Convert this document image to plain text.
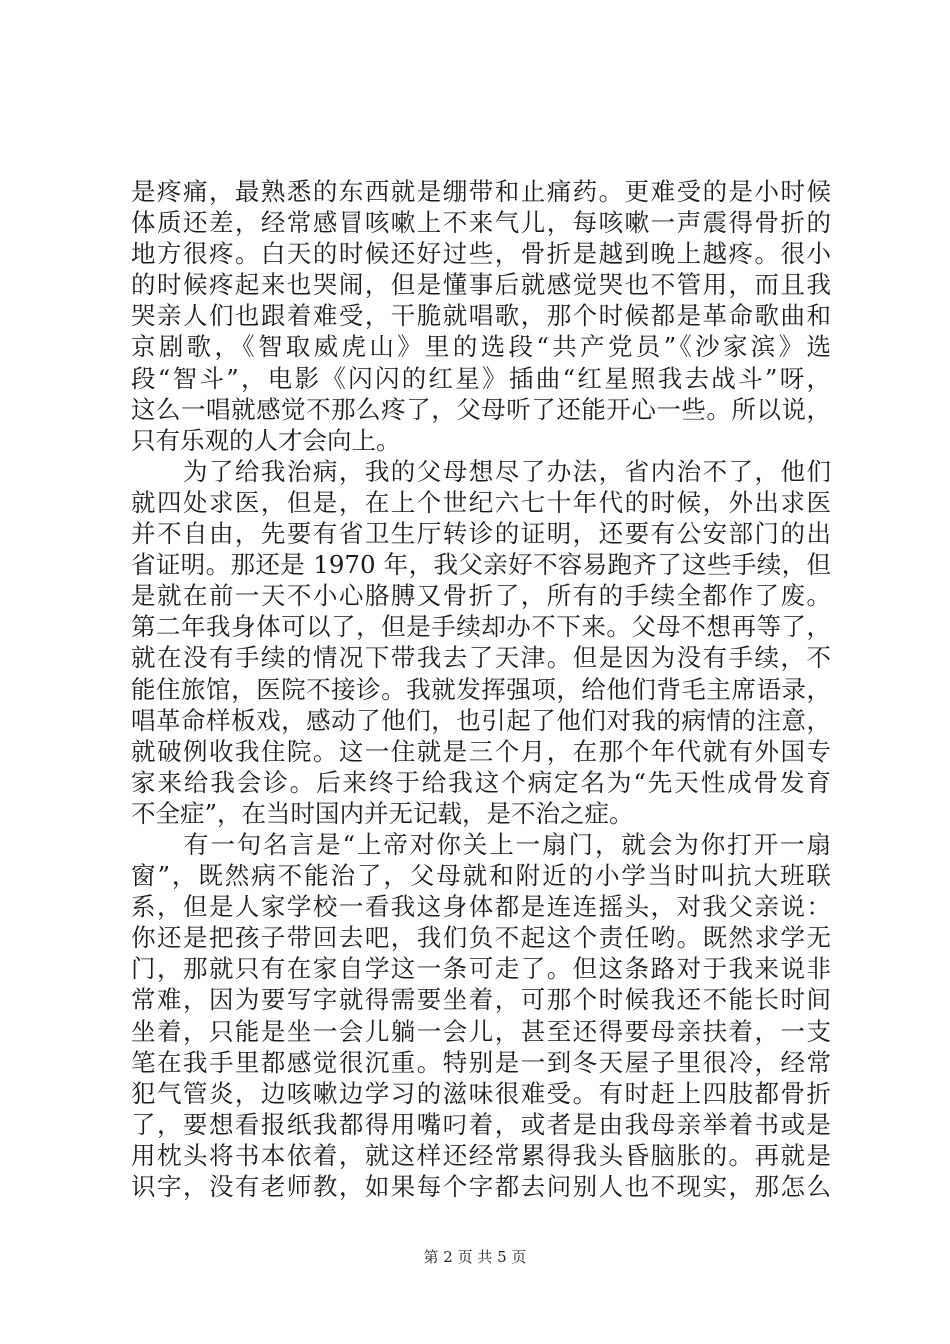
是疼痛，最熟悉的东西就是绷带和止痛药。更难受的是小时候
体质还差，经常感冒咳嗽上不来气儿，每咳嗽一声震得骨折的
地方很疼。白天的时候还好过些，骨折是越到晚上越疼。很小
的时候疼起来也哭闹，但是懂事后就感觉哭也不管用，而且我
哭亲人们也跟着难受，干脆就唱歌，那个时候都是革命歌曲和
京剧歌，《智取威虎山》里的选段“共产党员”《沙家滨》选
段“智斗”，电影《闪闪的红星》插曲“红星照我去战斗”呀，
这么一唱就感觉不那么疼了，父母听了还能开心一些。所以说，
只有乐观的人才会向上。
　　为了给我治病，我的父母想尽了办法，省内治不了，他们
就四处求医，但是，在上个世纪六七十年代的时候，外出求医
并不自由，先要有省卫生厅转诊的证明，还要有公安部门的出
省证明。那还是 1970 年，我父亲好不容易跑齐了这些手续，但
是就在前一天不小心胳膊又骨折了，所有的手续全都作了废。
第二年我身体可以了，但是手续却办不下来。父母不想再等了，
就在没有手续的情况下带我去了天津。但是因为没有手续，不
能住旅馆，医院不接诊。我就发挥强项，给他们背毛主席语录，
唱革命样板戏，感动了他们，也引起了他们对我的病情的注意，
就破例收我住院。这一住就是三个月，在那个年代就有外国专
家来给我会诊。后来终于给我这个病定名为“先天性成骨发育
不全症”，在当时国内并无记载，是不治之症。
　　有一句名言是“上帝对你关上一扇门，就会为你打开一扇
窗”，既然病不能治了，父母就和附近的小学当时叫抗大班联
系，但是人家学校一看我这身体都是连连摇头，对我父亲说：
你还是把孩子带回去吧，我们负不起这个责任哟。既然求学无
门，那就只有在家自学这一条可走了。但这条路对于我来说非
常难，因为要写字就得需要坐着，可那个时候我还不能长时间
坐着，只能是坐一会儿躺一会儿，甚至还得要母亲扶着，一支
笔在我手里都感觉很沉重。特别是一到冬天屋子里很冷，经常
犯气管炎，边咳嗽边学习的滋味很难受。有时赶上四肢都骨折
了，要想看报纸我都得用嘴叼着，或者是由我母亲举着书或是
用枕头将书本依着，就这样还经常累得我头昏脑胀的。再就是
识字，没有老师教，如果每个字都去问别人也不现实，那怎么
第 2 页 共 5 页
